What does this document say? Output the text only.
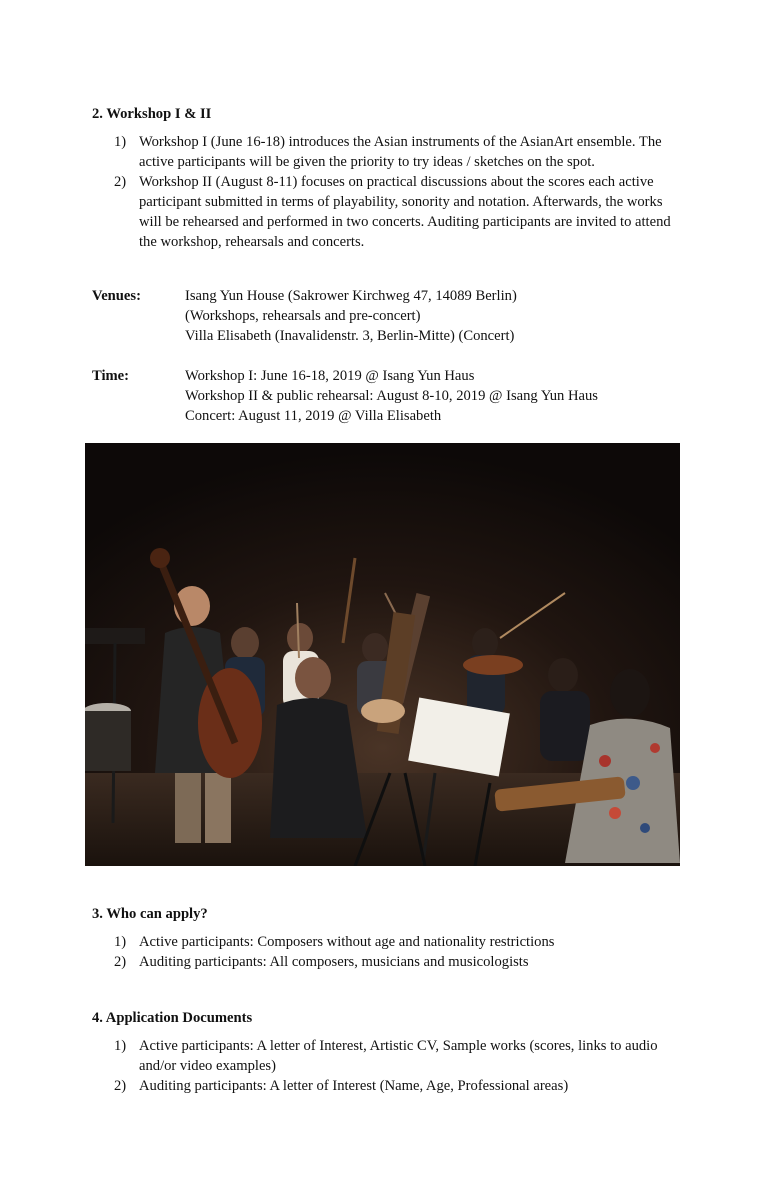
2. Workshop I & II
1) Workshop I (June 16-18) introduces the Asian instruments of the AsianArt ensemble. The active participants will be given the priority to try ideas / sketches on the spot.
2) Workshop II (August 8-11) focuses on practical discussions about the scores each active participant submitted in terms of playability, sonority and notation. Afterwards, the works will be rehearsed and performed in two concerts. Auditing participants are invited to attend the workshop, rehearsals and concerts.
Venues:	Isang Yun House (Sakrower Kirchweg 47, 14089 Berlin)
(Workshops, rehearsals and pre-concert)
Villa Elisabeth (Inavalidenstr. 3, Berlin-Mitte) (Concert)
Time:	Workshop I: June 16-18, 2019 @ Isang Yun Haus
Workshop II & public rehearsal: August 8-10, 2019 @ Isang Yun Haus
Concert: August 11, 2019 @ Villa Elisabeth
3. Who can apply?
1) Active participants: Composers without age and nationality restrictions
2) Auditing participants: All composers, musicians and musicologists
4. Application Documents
1) Active participants: A letter of Interest, Artistic CV, Sample works (scores, links to audio and/or video examples)
2) Auditing participants: A letter of Interest (Name, Age, Professional areas)
